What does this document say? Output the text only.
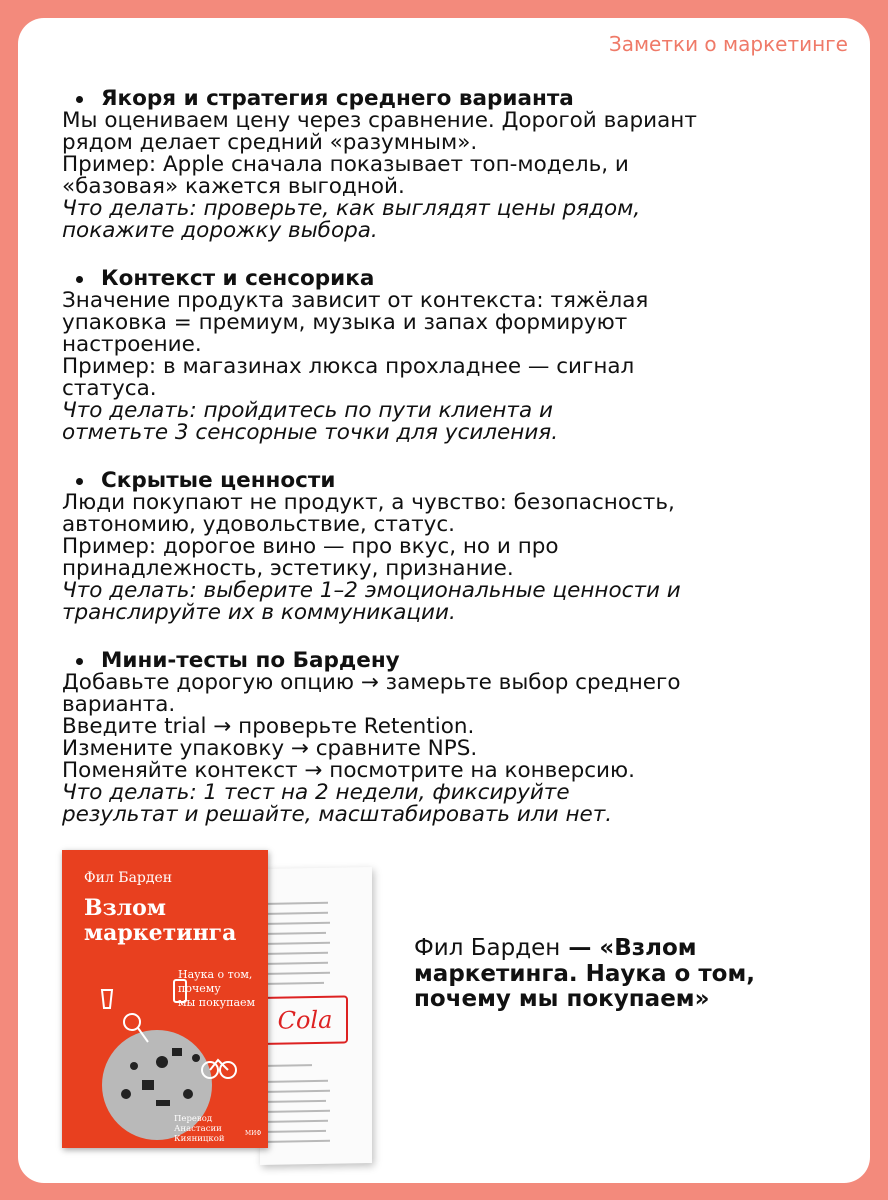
Заметки о маркетинге
Якоря и стратегия среднего варианта
Мы оцениваем цену через сравнение. Дорогой вариант
рядом делает средний «разумным».
Пример: Apple сначала показывает топ-модель, и
«базовая» кажется выгодной.
Что делать: проверьте, как выглядят цены рядом,
покажите дорожку выбора.
Контекст и сенсорика
Значение продукта зависит от контекста: тяжёлая
упаковка = премиум, музыка и запах формируют
настроение.
Пример: в магазинах люкса прохладнее — сигнал
статуса.
Что делать: пройдитесь по пути клиента и
отметьте 3 сенсорные точки для усиления.
Скрытые ценности
Люди покупают не продукт, а чувство: безопасность,
автономию, удовольствие, статус.
Пример: дорогое вино — про вкус, но и про
принадлежность, эстетику, признание.
Что делать: выберите 1–2 эмоциональные ценности и
транслируйте их в коммуникации.
Мини-тесты по Бардену
Добавьте дорогую опцию → замерьте выбор среднего
варианта.
Введите trial → проверьте Retention.
Измените упаковку → сравните NPS.
Поменяйте контекст → посмотрите на конверсию.
Что делать: 1 тест на 2 недели, фиксируйте
результат и решайте, масштабировать или нет.
Cola
Фил Барден
Взлом
маркетинга
Наука о том,
почему
мы покупаем
Перевод
Анастасии Кияницкой
МИФ
Фил Барден — «Взлом
маркетинга. Наука о том,
почему мы покупаем»
